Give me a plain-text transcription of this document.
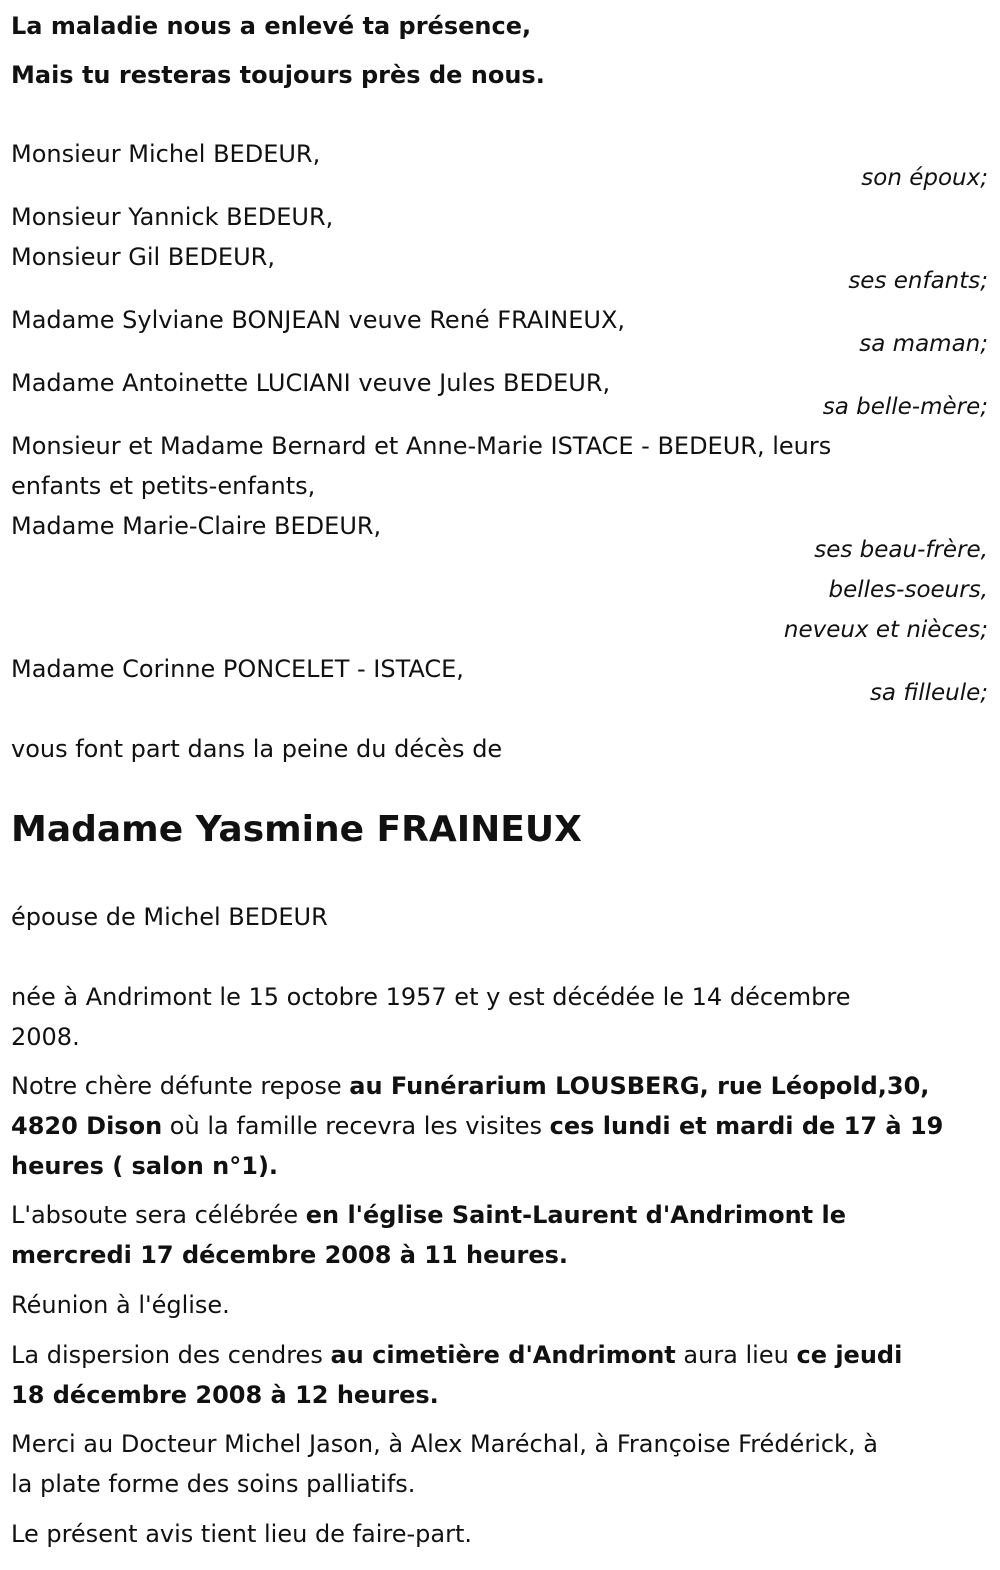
La maladie nous a enlevé ta présence,
Mais tu resteras toujours près de nous.
Monsieur Michel BEDEUR,
son époux;
Monsieur Yannick BEDEUR,
Monsieur Gil BEDEUR,
ses enfants;
Madame Sylviane BONJEAN veuve René FRAINEUX,
sa maman;
Madame Antoinette LUCIANI veuve Jules BEDEUR,
sa belle-mère;
Monsieur et Madame Bernard et Anne-Marie ISTACE - BEDEUR, leurs
enfants et petits-enfants,
Madame Marie-Claire BEDEUR,
ses beau-frère,
belles-soeurs,
neveux et nièces;
Madame Corinne PONCELET - ISTACE,
sa filleule;
vous font part dans la peine du décès de
Madame Yasmine FRAINEUX
épouse de Michel BEDEUR
née à Andrimont le 15 octobre 1957 et y est décédée le 14 décembre
2008.
Notre chère défunte repose au Funérarium LOUSBERG, rue Léopold,30,
4820 Dison où la famille recevra les visites ces lundi et mardi de 17 à 19
heures ( salon n°1).
L'absoute sera célébrée en l'église Saint-Laurent d'Andrimont le
mercredi 17 décembre 2008 à 11 heures.
Réunion à l'église.
La dispersion des cendres au cimetière d'Andrimont aura lieu ce jeudi
18 décembre 2008 à 12 heures.
Merci au Docteur Michel Jason, à Alex Maréchal, à Françoise Frédérick, à
la plate forme des soins palliatifs.
Le présent avis tient lieu de faire-part.
